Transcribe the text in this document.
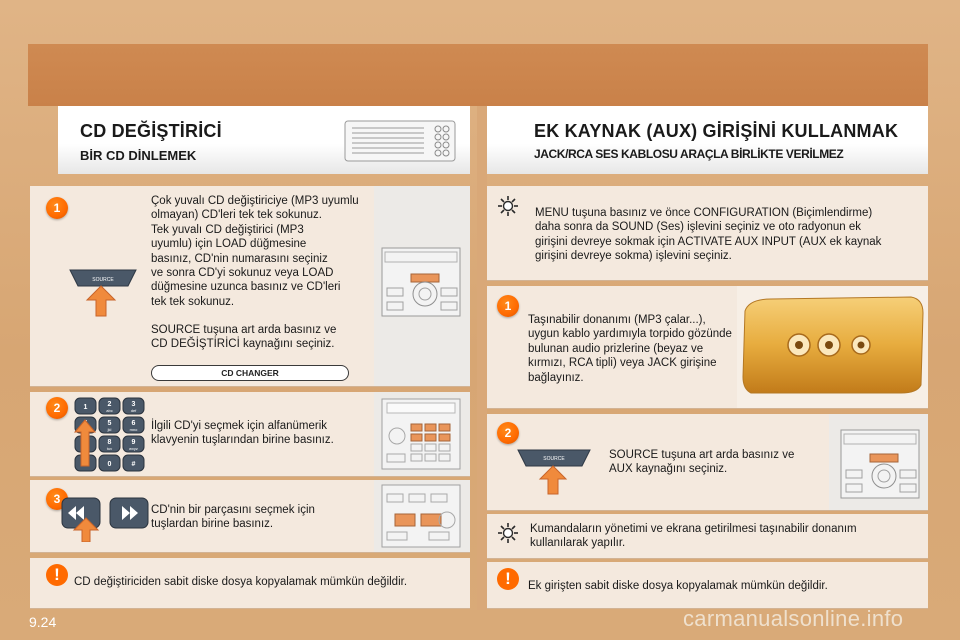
CD DEĞİŞTİRİCİ
BİR CD DİNLEMEK
EK KAYNAK (AUX) GİRİŞİNİ KULLANMAK
JACK/RCA SES KABLOSU ARAÇLA BİRLİKTE VERİLMEZ
1	Çok yuvalı CD değiştiriciye (MP3 uyumlu
olmayan) CD'leri tek tek sokunuz.
Tek yuvalı CD değiştirici (MP3
uyumlu) için LOAD düğmesine
basınız, CD'nin numarasını seçiniz
ve sonra CD'yi sokunuz veya LOAD
düğmesine uzunca basınız ve CD'leri
tek tek sokunuz.
SOURCE tuşuna art arda basınız ve
CD DEĞİŞTİRİCİ kaynağını seçiniz.
CD CHANGER
SOURCE
2
İlgili CD'yi seçmek için alfanümerik
klavyenin tuşlarından birine basınız.
1	2
abc
3
def
5
jkl
6
mno
8
tuv
9
wxyz
0	#
3
CD'nin bir parçasını seçmek için
tuşlardan birine basınız.
!	CD değiştiriciden sabit diske dosya kopyalamak mümkün değildir.
MENU tuşuna basınız ve önce CONFIGURATION (Biçimlendirme)
daha sonra da SOUND (Ses) işlevini seçiniz ve oto radyonun ek
girişini devreye sokmak için ACTIVATE AUX INPUT (AUX ek kaynak
girişini devreye sokma) işlevini seçiniz.
1
Taşınabilir donanımı (MP3 çalar...),
uygun kablo yardımıyla torpido gözünde
bulunan audio prizlerine (beyaz ve
kırmızı, RCA tipli) veya JACK girişine
bağlayınız.
2
SOURCE tuşuna art arda basınız ve
AUX kaynağını seçiniz.
SOURCE
Kumandaların yönetimi ve ekrana getirilmesi taşınabilir donanım
kullanılarak yapılır.
!	Ek girişten sabit diske dosya kopyalamak mümkün değildir.
9.24	carmanualsonline.info
